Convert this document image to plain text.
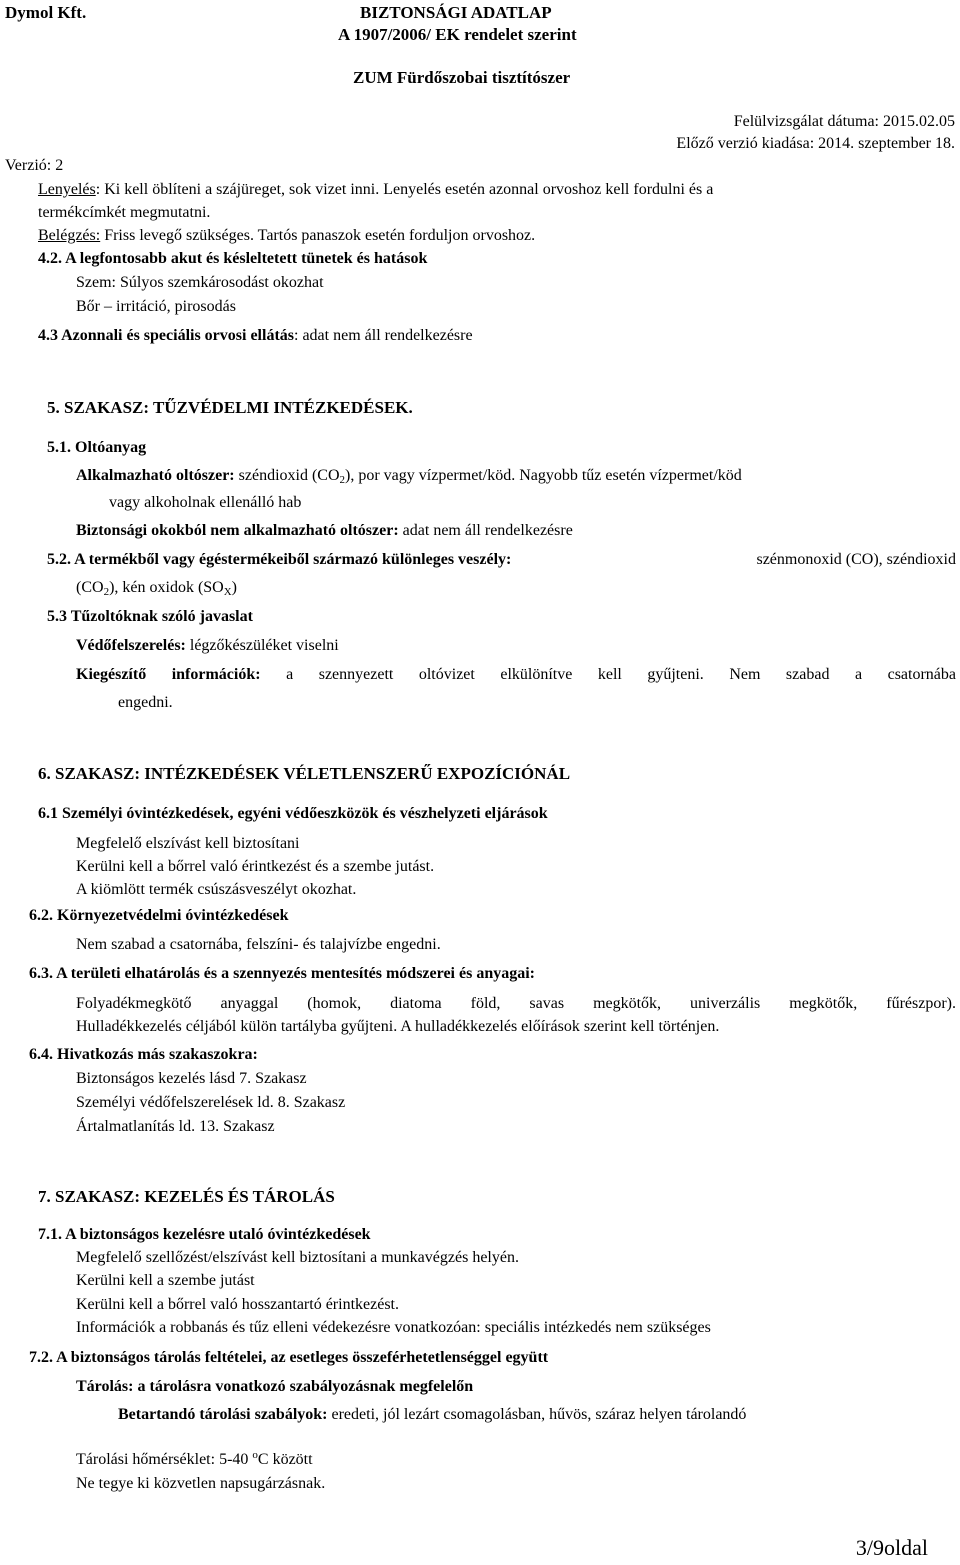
Dymol Kft.	BIZTONSÁGI ADATLAP
A 1907/2006/ EK rendelet szerint
ZUM Fürdőszobai tisztítószer
Felülvizsgálat dátuma: 2015.02.05
Előző verzió kiadása: 2014. szeptember 18.
Verzió: 2
Lenyelés: Ki kell öblíteni a szájüreget, sok vizet inni. Lenyelés esetén azonnal orvoshoz kell fordulni és a
termékcímkét megmutatni.
Belégzés: Friss levegő szükséges. Tartós panaszok esetén forduljon orvoshoz.
4.2. A legfontosabb akut és késleltetett tünetek és hatások
Szem: Súlyos szemkárosodást okozhat
Bőr – irritáció, pirosodás
4.3 Azonnali és speciális orvosi ellátás: adat nem áll rendelkezésre
5. SZAKASZ: TŰZVÉDELMI INTÉZKEDÉSEK.
5.1. Oltóanyag
Alkalmazható oltószer: széndioxid $(CO_2)$, por vagy vízpermet/köd. Nagyobb tűz esetén vízpermet/köd
vagy alkoholnak ellenálló hab
Biztonsági okokból nem alkalmazható oltószer: adat nem áll rendelkezésre
5.2. A termékből vagy égéstermékeiből származó különleges veszély:	szénmonoxid (CO), széndioxid
$(CO_2)$, kén oxidok $(SO_X)$
5.3 Tűzoltóknak szóló javaslat
Védőfelszerelés: légzőkészüléket viselni
Kiegészítő információk: a szennyezett oltóvizet elkülönítve kell gyűjteni. Nem szabad a csatornába
engedni.
6. SZAKASZ: INTÉZKEDÉSEK VÉLETLENSZERŰ EXPOZÍCIÓNÁL
6.1 Személyi óvintézkedések, egyéni védőeszközök és vészhelyzeti eljárások
Megfelelő elszívást kell biztosítani
Kerülni kell a bőrrel való érintkezést és a szembe jutást.
A kiömlött termék csúszásveszélyt okozhat.
6.2. Környezetvédelmi óvintézkedések
Nem szabad a csatornába, felszíni- és talajvízbe engedni.
6.3. A területi elhatárolás és a szennyezés mentesítés módszerei és anyagai:
Folyadékmegkötő anyaggal (homok, diatoma föld, savas megkötők, univerzális megkötők, fűrészpor).
Hulladékkezelés céljából külön tartályba gyűjteni. A hulladékkezelés előírások szerint kell történjen.
6.4. Hivatkozás más szakaszokra:
Biztonságos kezelés lásd 7. Szakasz
Személyi védőfelszerelések ld. 8. Szakasz
Ártalmatlanítás ld. 13. Szakasz
7. SZAKASZ: KEZELÉS ÉS TÁROLÁS
7.1. A biztonságos kezelésre utaló óvintézkedések
Megfelelő szellőzést/elszívást kell biztosítani a munkavégzés helyén.
Kerülni kell a szembe jutást
Kerülni kell a bőrrel való hosszantartó érintkezést.
Információk a robbanás és tűz elleni védekezésre vonatkozóan: speciális intézkedés nem szükséges
7.2. A biztonságos tárolás feltételei, az esetleges összeférhetetlenséggel együtt
Tárolás: a tárolásra vonatkozó szabályozásnak megfelelőn
Betartandó tárolási szabályok: eredeti, jól lezárt csomagolásban, hűvös, száraz helyen tárolandó
Tárolási hőmérséklet: 5-40 $^o$C között
Ne tegye ki közvetlen napsugárzásnak.
3/9oldal
